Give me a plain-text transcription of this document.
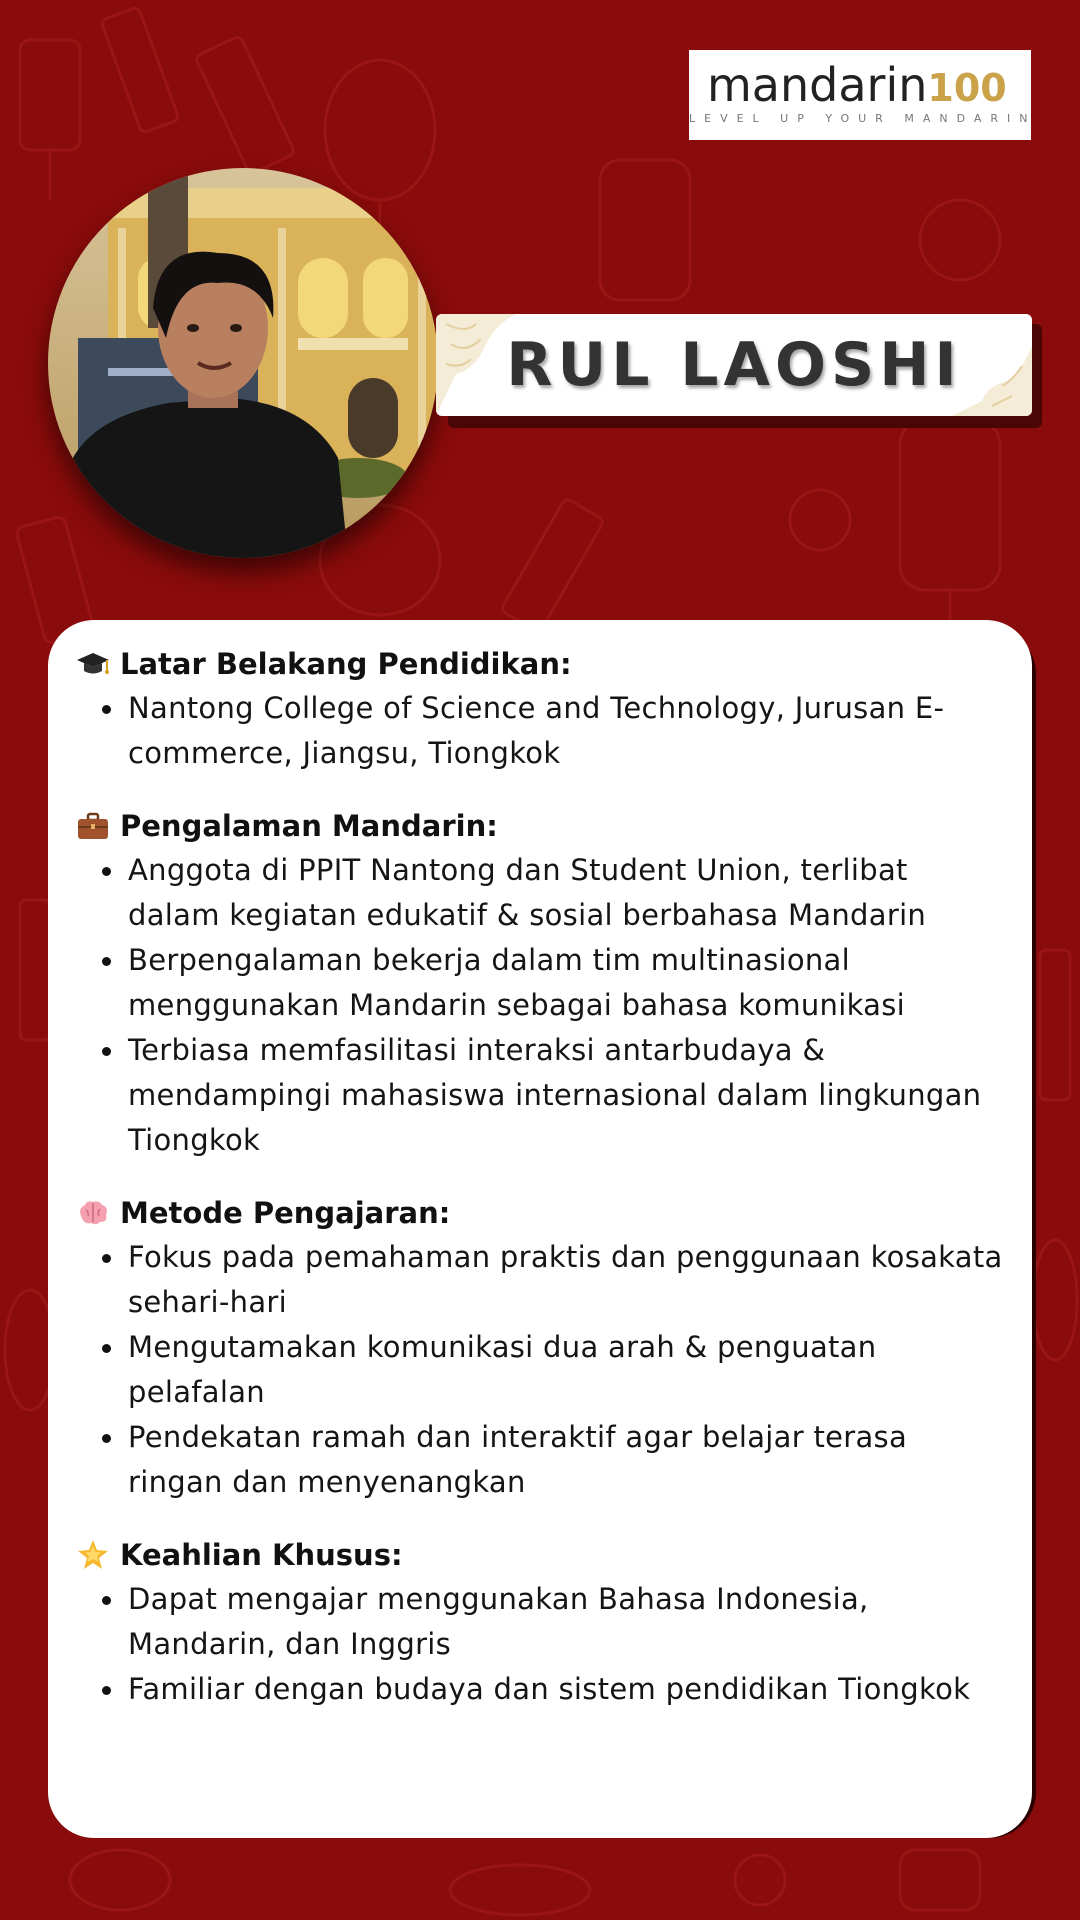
mandarin100
LEVEL UP YOUR MANDARIN
RUL LAOSHI
Latar Belakang Pendidikan:
Nantong College of Science and Technology, Jurusan E-commerce, Jiangsu, Tiongkok
Pengalaman Mandarin:
Anggota di PPIT Nantong dan Student Union, terlibat dalam kegiatan edukatif & sosial berbahasa Mandarin
Berpengalaman bekerja dalam tim multinasional menggunakan Mandarin sebagai bahasa komunikasi
Terbiasa memfasilitasi interaksi antarbudaya & mendampingi mahasiswa internasional dalam lingkungan Tiongkok
Metode Pengajaran:
Fokus pada pemahaman praktis dan penggunaan kosakata sehari-hari
Mengutamakan komunikasi dua arah & penguatan pelafalan
Pendekatan ramah dan interaktif agar belajar terasa ringan dan menyenangkan
Keahlian Khusus:
Dapat mengajar menggunakan Bahasa Indonesia, Mandarin, dan Inggris
Familiar dengan budaya dan sistem pendidikan Tiongkok
